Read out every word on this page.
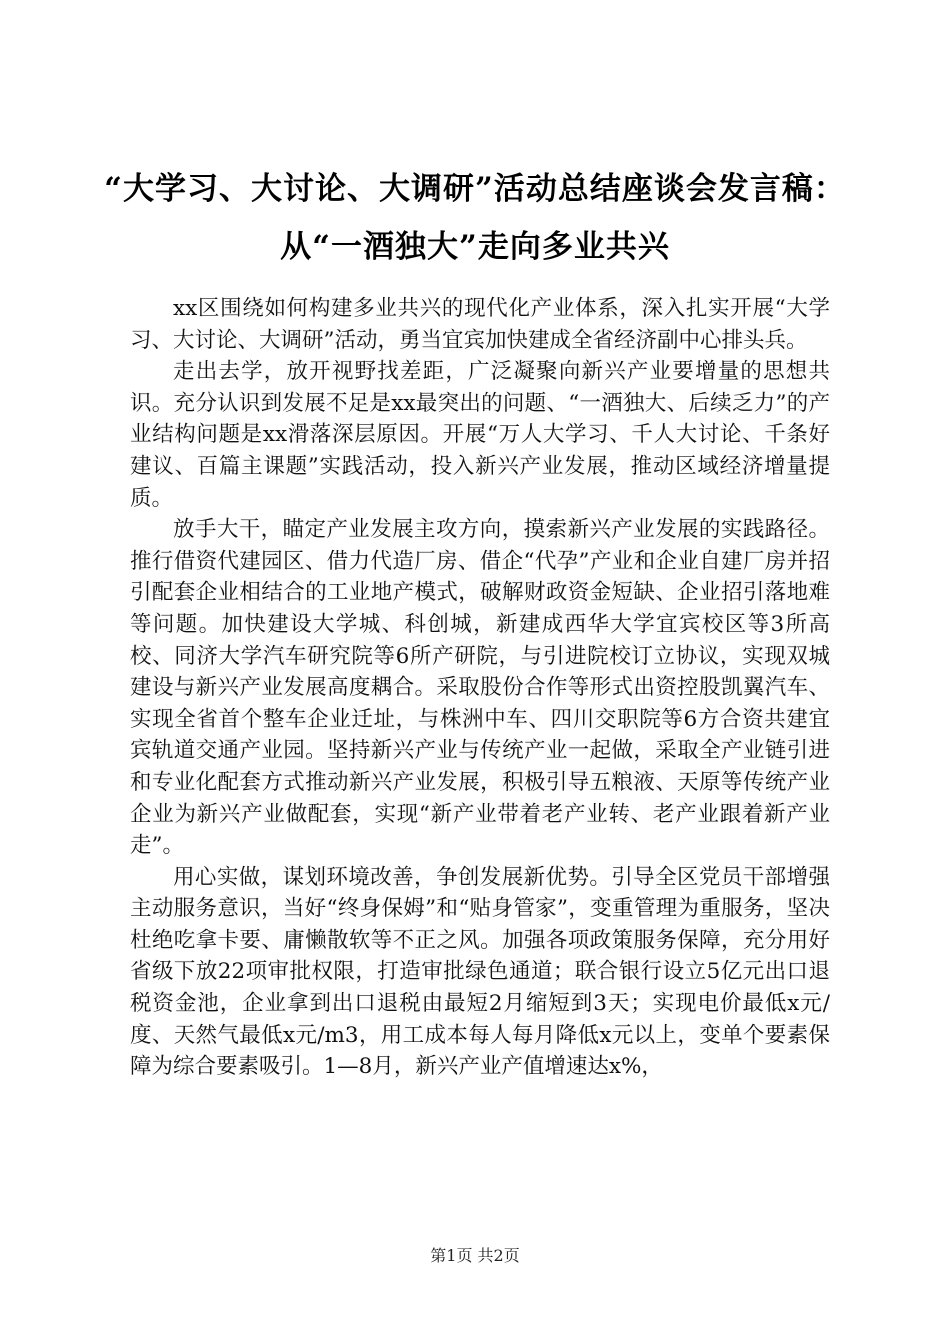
“大学习、大讨论、大调研”活动总结座谈会发言稿：从“一酒独大”走向多业共兴

xx区围绕如何构建多业共兴的现代化产业体系，深入扎实开展“大学习、大讨论、大调研”活动，勇当宜宾加快建成全省经济副中心排头兵。

走出去学，放开视野找差距，广泛凝聚向新兴产业要增量的思想共识。充分认识到发展不足是xx最突出的问题、“一酒独大、后续乏力”的产业结构问题是xx滑落深层原因。开展“万人大学习、千人大讨论、千条好建议、百篇主课题”实践活动，投入新兴产业发展，推动区域经济增量提质。

放手大干，瞄定产业发展主攻方向，摸索新兴产业发展的实践路径。推行借资代建园区、借力代造厂房、借企“代孕”产业和企业自建厂房并招引配套企业相结合的工业地产模式，破解财政资金短缺、企业招引落地难等问题。加快建设大学城、科创城，新建成西华大学宜宾校区等3所高校、同济大学汽车研究院等6所产研院，与引进院校订立协议，实现双城建设与新兴产业发展高度耦合。采取股份合作等形式出资控股凯翼汽车、实现全省首个整车企业迁址，与株洲中车、四川交职院等6方合资共建宜宾轨道交通产业园。坚持新兴产业与传统产业一起做，采取全产业链引进和专业化配套方式推动新兴产业发展，积极引导五粮液、天原等传统产业企业为新兴产业做配套，实现“新产业带着老产业转、老产业跟着新产业走”。

用心实做，谋划环境改善，争创发展新优势。引导全区党员干部增强主动服务意识，当好“终身保姆”和“贴身管家”，变重管理为重服务，坚决杜绝吃拿卡要、庸懒散软等不正之风。加强各项政策服务保障，充分用好省级下放22项审批权限，打造审批绿色通道；联合银行设立5亿元出口退税资金池，企业拿到出口退税由最短2月缩短到3天；实现电价最低x元/度、天然气最低x元/m3，用工成本每人每月降低x元以上，变单个要素保障为综合要素吸引。1—8月，新兴产业产值增速达x%，

第1页 共2页
